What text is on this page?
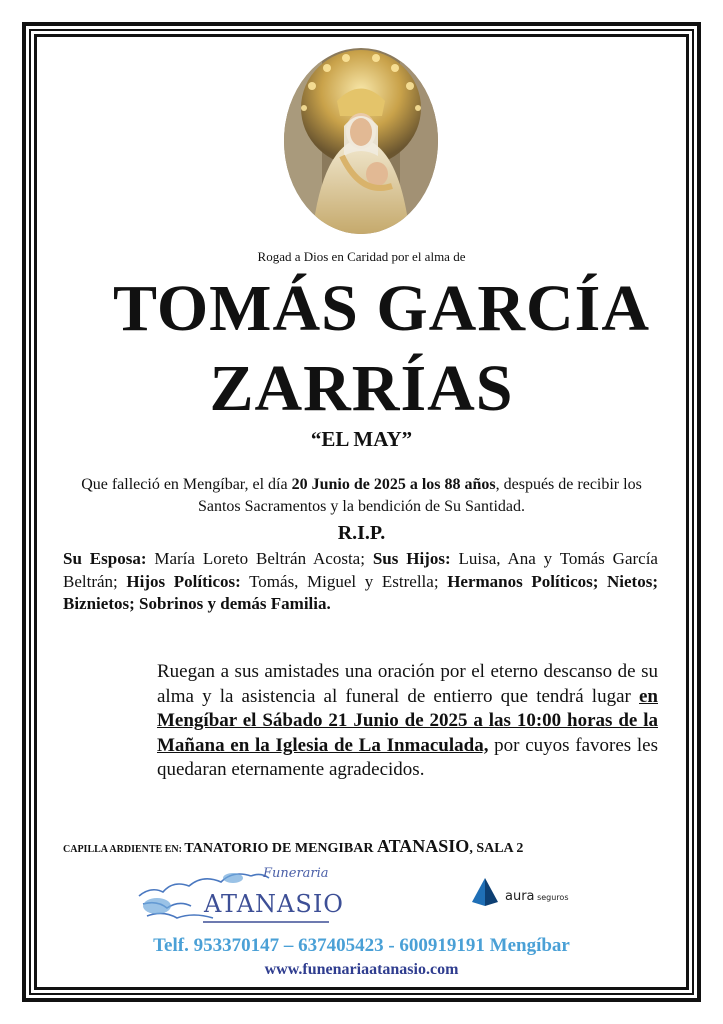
Rogad a Dios en Caridad por el alma de
TOMÁS GARCÍA
ZARRÍAS
“EL MAY”
Que falleció en Mengíbar, el día 20 Junio de 2025 a los 88 años, después de recibir los Santos Sacramentos y la bendición de Su Santidad.
R.I.P.
Su Esposa: María Loreto Beltrán Acosta; Sus Hijos: Luisa, Ana y Tomás García Beltrán; Hijos Políticos: Tomás, Miguel y Estrella; Hermanos Políticos; Nietos; Biznietos; Sobrinos y demás Familia.
Ruegan a sus amistades una oración por el eterno descanso de su alma y la asistencia al funeral de entierro que tendrá lugar en Mengíbar el Sábado 21 Junio de 2025 a las 10:00 horas de la Mañana en la Iglesia de La Inmaculada, por cuyos favores les quedaran eternamente agradecidos.
CAPILLA ARDIENTE EN: TANATORIO DE MENGIBAR ATANASIO, SALA 2
Funeraria
ATANASIO	aura seguros
Telf. 953370147 – 637405423 - 600919191 Mengíbar
www.funenariaatanasio.com
